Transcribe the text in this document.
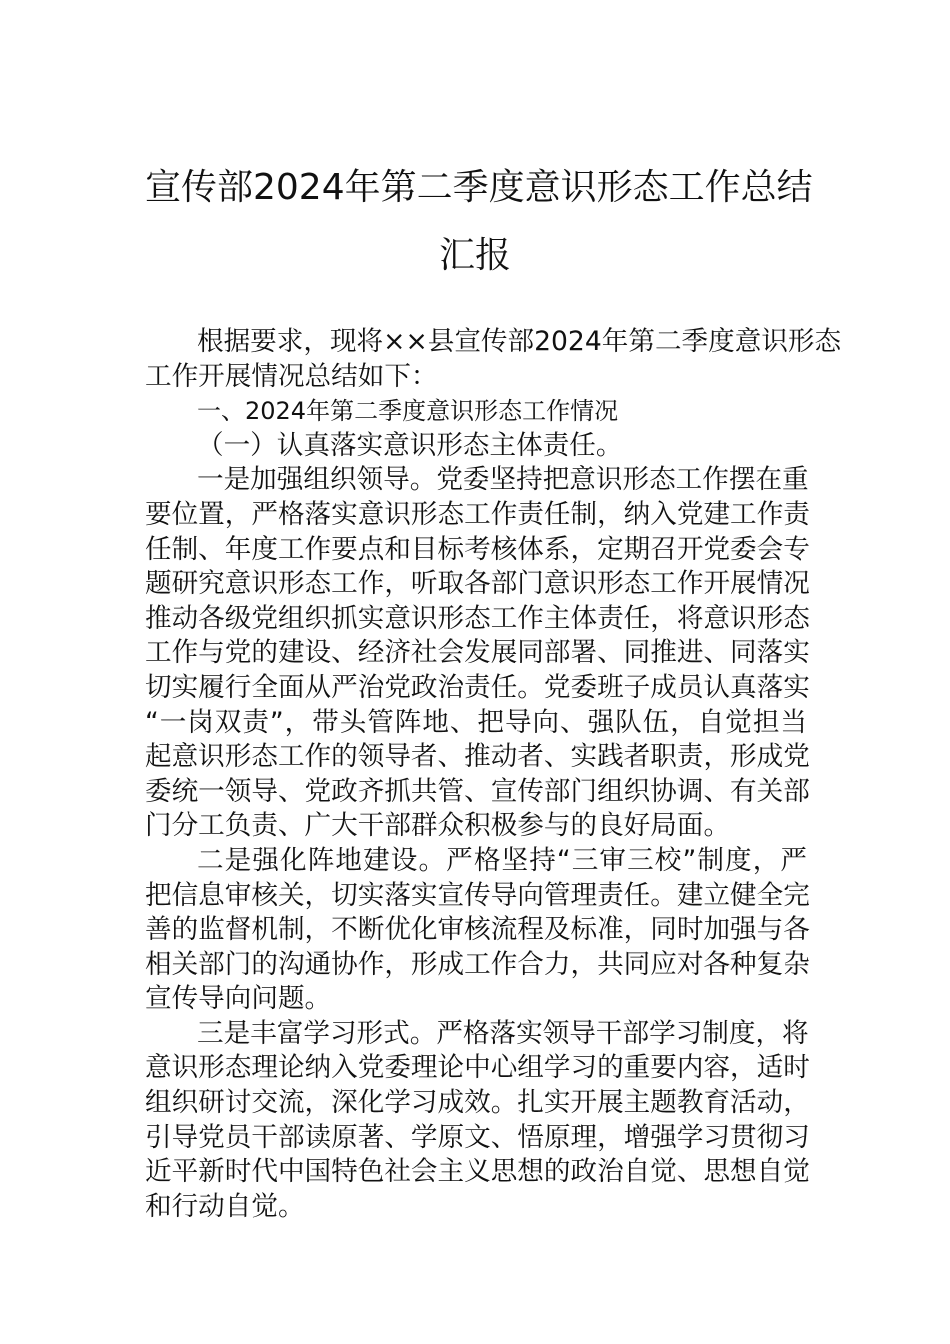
宣传部2024年第二季度意识形态工作总结
汇报
根据要求，现将××县宣传部2024年第二季度意识形态
工作开展情况总结如下：
一、2024年第二季度意识形态工作情况
（一）认真落实意识形态主体责任。
一是加强组织领导。党委坚持把意识形态工作摆在重
要位置，严格落实意识形态工作责任制，纳入党建工作责
任制、年度工作要点和目标考核体系，定期召开党委会专
题研究意识形态工作，听取各部门意识形态工作开展情况
推动各级党组织抓实意识形态工作主体责任，将意识形态
工作与党的建设、经济社会发展同部署、同推进、同落实
切实履行全面从严治党政治责任。党委班子成员认真落实
“一岗双责”，带头管阵地、把导向、强队伍，自觉担当
起意识形态工作的领导者、推动者、实践者职责，形成党
委统一领导、党政齐抓共管、宣传部门组织协调、有关部
门分工负责、广大干部群众积极参与的良好局面。
二是强化阵地建设。严格坚持“三审三校”制度，严
把信息审核关，切实落实宣传导向管理责任。建立健全完
善的监督机制，不断优化审核流程及标准，同时加强与各
相关部门的沟通协作，形成工作合力，共同应对各种复杂
宣传导向问题。
三是丰富学习形式。严格落实领导干部学习制度，将
意识形态理论纳入党委理论中心组学习的重要内容，适时
组织研讨交流，深化学习成效。扎实开展主题教育活动，
引导党员干部读原著、学原文、悟原理，增强学习贯彻习
近平新时代中国特色社会主义思想的政治自觉、思想自觉
和行动自觉。
